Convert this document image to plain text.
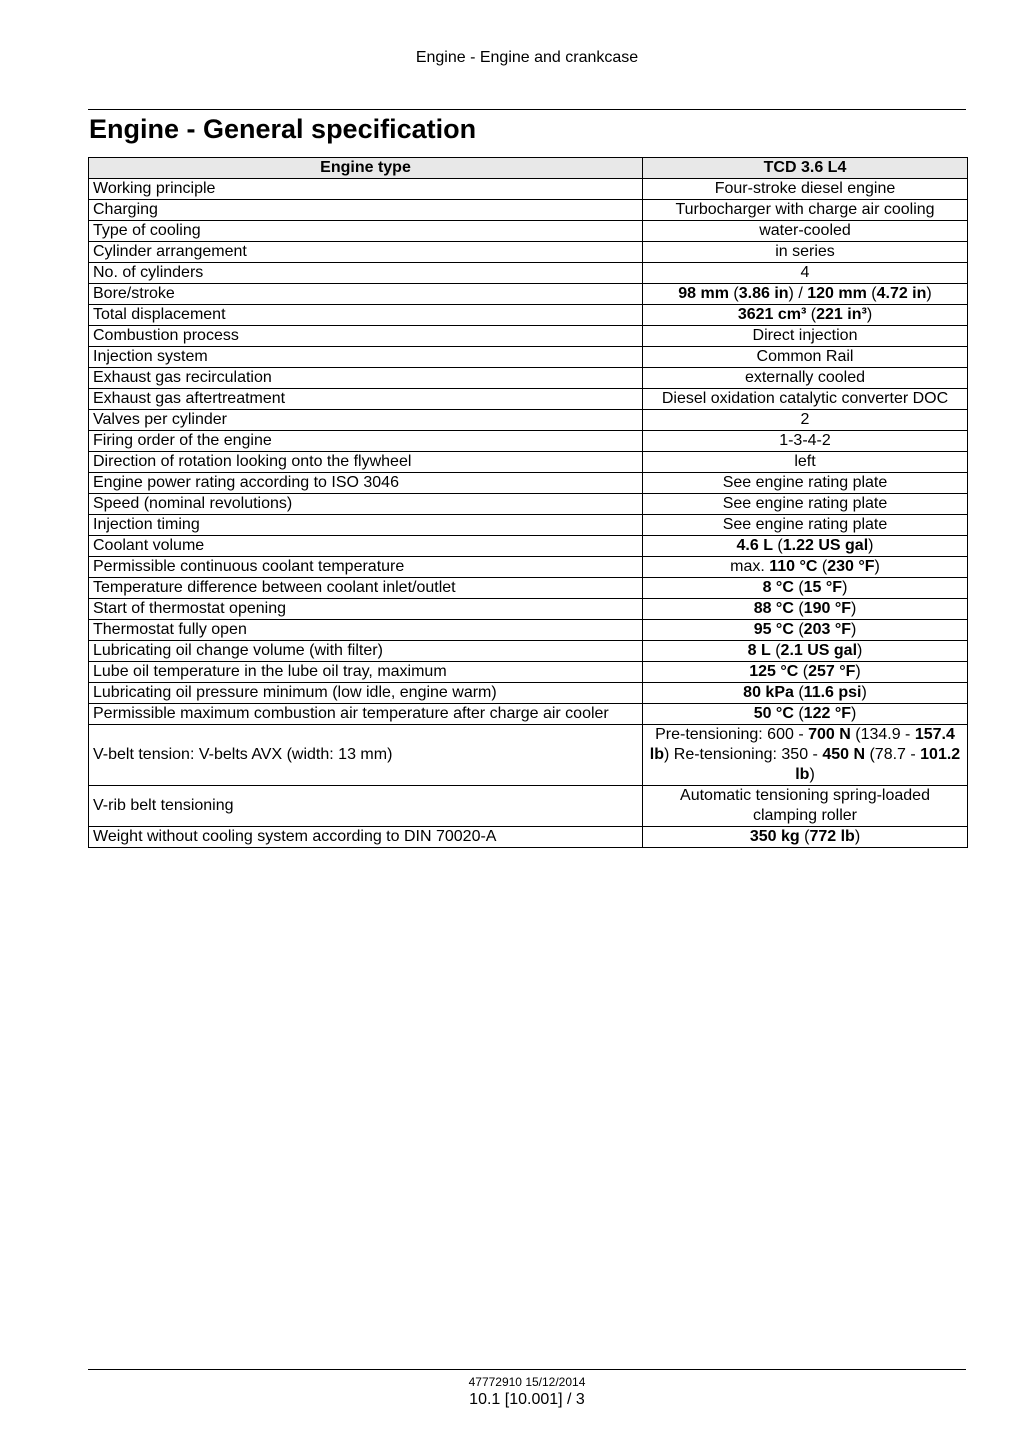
Engine - Engine and crankcase
Engine - General specification
Engine type	TCD 3.6 L4
Working principle	Four-stroke diesel engine
Charging	Turbocharger with charge air cooling
Type of cooling	water-cooled
Cylinder arrangement	in series
No. of cylinders	4
Bore/stroke	98 mm (3.86 in) / 120 mm (4.72 in)
Total displacement	3621 cm³ (221 in³)
Combustion process	Direct injection
Injection system	Common Rail
Exhaust gas recirculation	externally cooled
Exhaust gas aftertreatment	Diesel oxidation catalytic converter DOC
Valves per cylinder	2
Firing order of the engine	1-3-4-2
Direction of rotation looking onto the flywheel	left
Engine power rating according to ISO 3046	See engine rating plate
Speed (nominal revolutions)	See engine rating plate
Injection timing	See engine rating plate
Coolant volume	4.6 L (1.22 US gal)
Permissible continuous coolant temperature	max. 110 °C (230 °F)
Temperature difference between coolant inlet/outlet	8 °C (15 °F)
Start of thermostat opening	88 °C (190 °F)
Thermostat fully open	95 °C (203 °F)
Lubricating oil change volume (with filter)	8 L (2.1 US gal)
Lube oil temperature in the lube oil tray, maximum	125 °C (257 °F)
Lubricating oil pressure minimum (low idle, engine warm)	80 kPa (11.6 psi)
Permissible maximum combustion air temperature after charge air cooler	50 °C (122 °F)
V-belt tension: V-belts AVX (width: 13 mm)	Pre-tensioning: 600 - 700 N (134.9 - 157.4 lb) Re-tensioning: 350 - 450 N (78.7 - 101.2 lb)
V-rib belt tensioning	Automatic tensioning spring-loaded clamping roller
Weight without cooling system according to DIN 70020-A	350 kg (772 lb)
47772910 15/12/2014
10.1 [10.001] / 3
